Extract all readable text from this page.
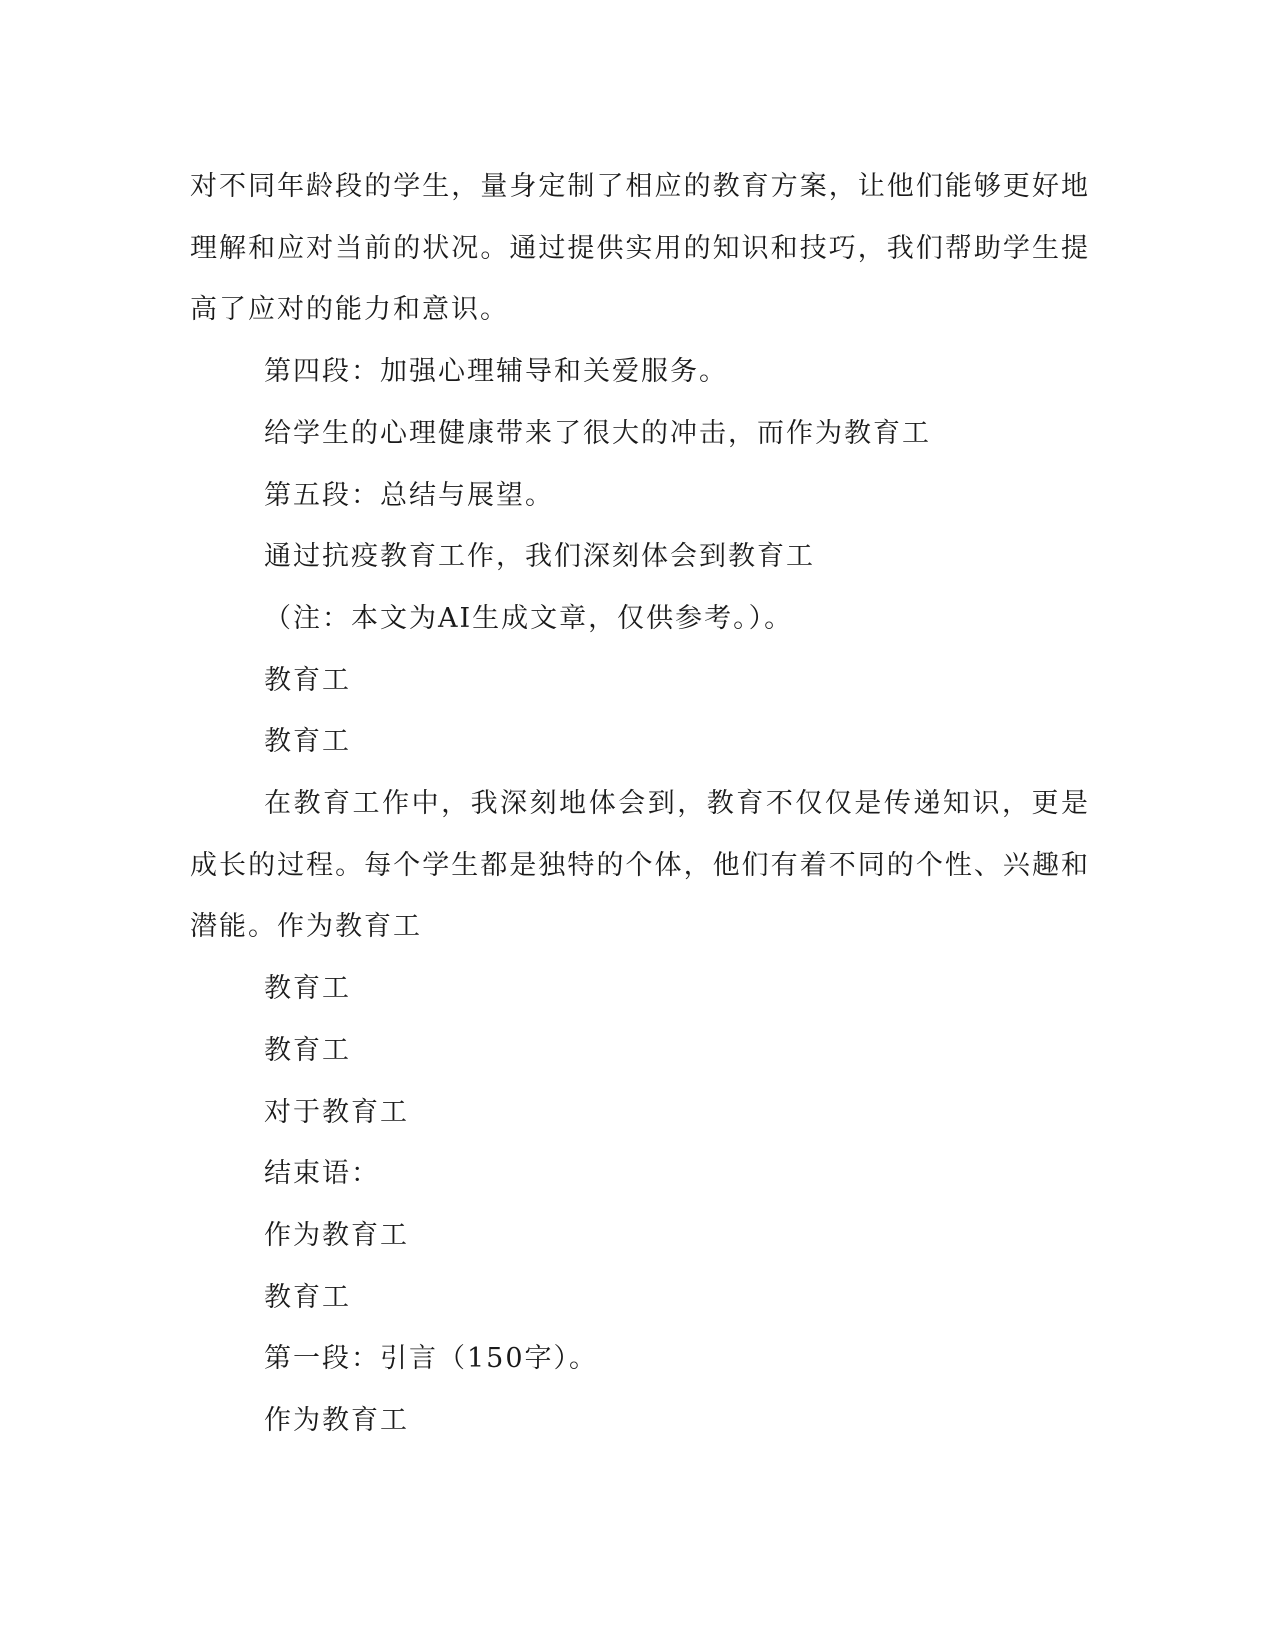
对不同年龄段的学生，量身定制了相应的教育方案，让他们能够更好地理解和应对当前的状况。通过提供实用的知识和技巧，我们帮助学生提高了应对的能力和意识。

第四段：加强心理辅导和关爱服务。

给学生的心理健康带来了很大的冲击，而作为教育工

第五段：总结与展望。

通过抗疫教育工作，我们深刻体会到教育工

（注：本文为AI生成文章，仅供参考。）。

教育工

教育工

在教育工作中，我深刻地体会到，教育不仅仅是传递知识，更是成长的过程。每个学生都是独特的个体，他们有着不同的个性、兴趣和潜能。作为教育工

教育工

教育工

对于教育工

结束语：

作为教育工

教育工

第一段：引言（150字）。

作为教育工
